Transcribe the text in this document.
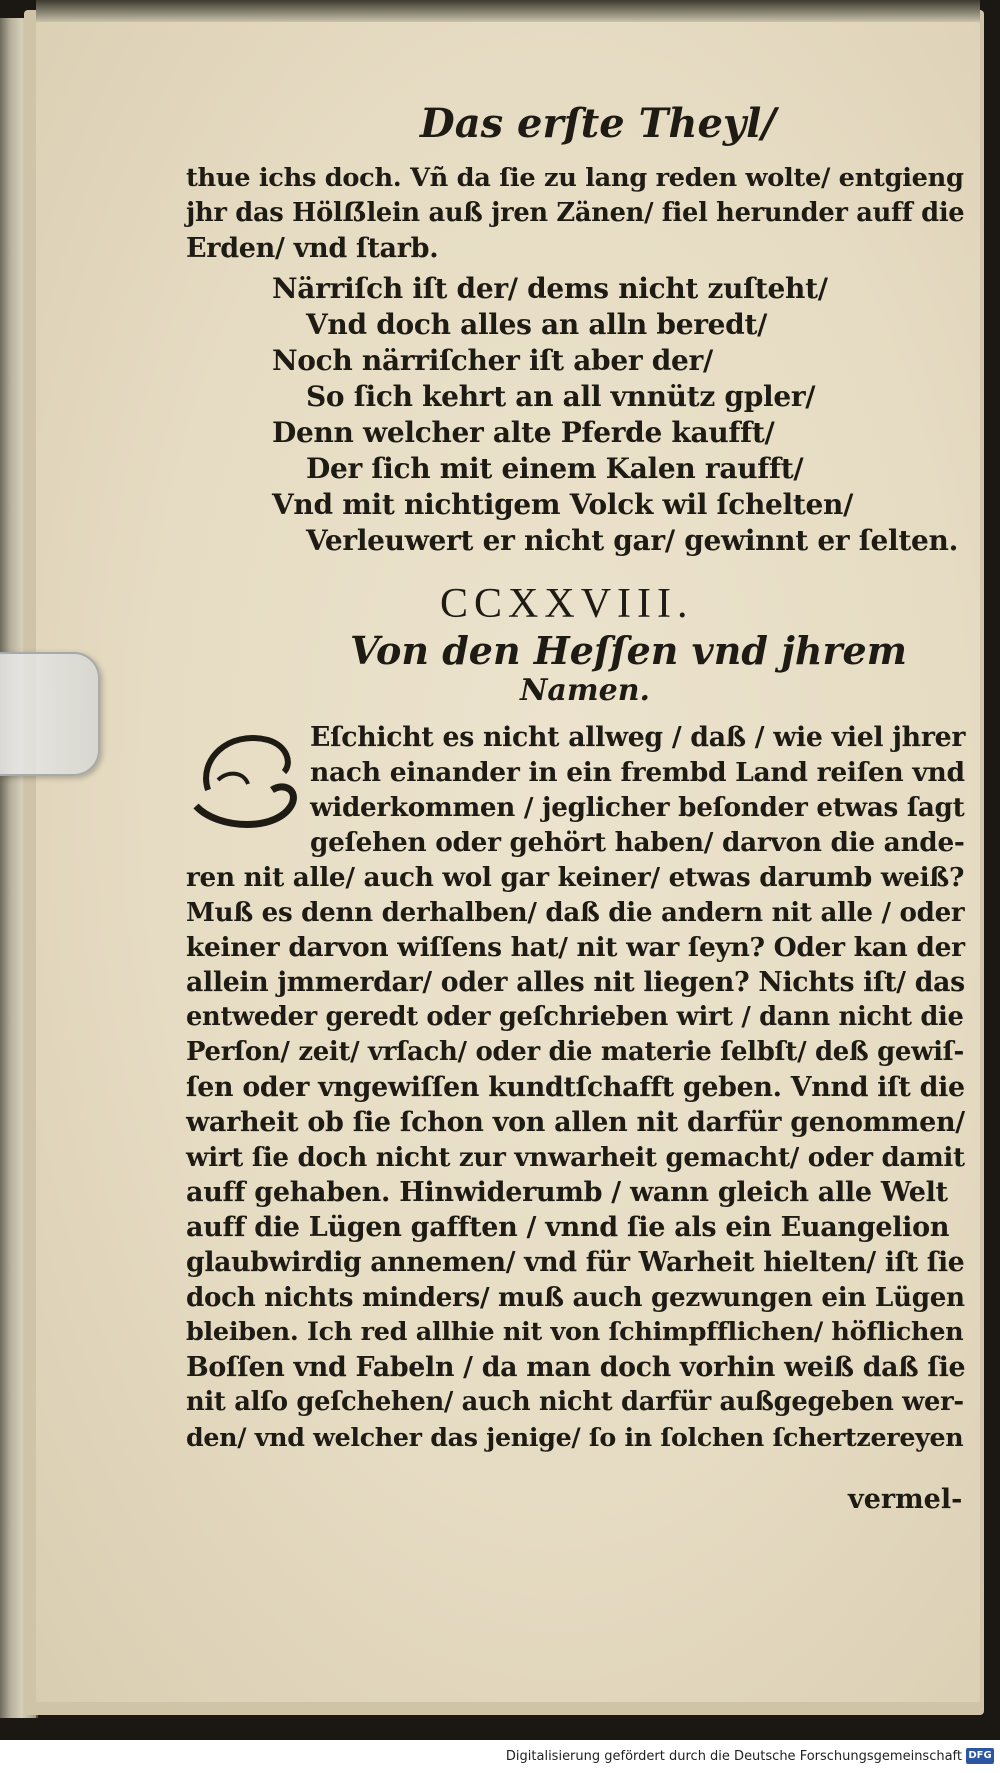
Das erſte Theyl/
thue ichs doch. Vñ da ſie zu lang reden wolte/ entgieng
jhr das Hölẞlein auß jren Zänen/ fiel herunder auff die
Erden/ vnd ſtarb.
Närriſch iſt der/ dems nicht zuſteht/
Vnd doch alles an alln beredt/
Noch närriſcher iſt aber der/
So ſich kehrt an all vnnütz gpler/
Denn welcher alte Pferde kaufft/
Der ſich mit einem Kalen raufft/
Vnd mit nichtigem Volck wil ſchelten/
Verleuwert er nicht gar/ gewinnt er ſelten.
CCXXVIII.
Von den Heſſen vnd jhrem
Namen.
Eſchicht es nicht allweg / daß / wie viel jhrer
nach einander in ein frembd Land reiſen vnd
widerkommen / jeglicher beſonder etwas ſagt
geſehen oder gehört haben/ darvon die ande-
ren nit alle/ auch wol gar keiner/ etwas darumb weiß?
Muß es denn derhalben/ daß die andern nit alle / oder
keiner darvon wiſſens hat/ nit war ſeyn? Oder kan der
allein jmmerdar/ oder alles nit liegen? Nichts iſt/ das
entweder geredt oder geſchrieben wirt / dann nicht die
Perſon/ zeit/ vrſach/ oder die materie ſelbſt/ deß gewiſ-
ſen oder vngewiſſen kundtſchafft geben. Vnnd iſt die
warheit ob ſie ſchon von allen nit darfür genommen/
wirt ſie doch nicht zur vnwarheit gemacht/ oder damit
auff gehaben. Hinwiderumb / wann gleich alle Welt
auff die Lügen gafften / vnnd ſie als ein Euangelion
glaubwirdig annemen/ vnd für Warheit hielten/ iſt ſie
doch nichts minders/ muß auch gezwungen ein Lügen
bleiben. Ich red allhie nit von ſchimpfflichen/ höflichen
Boſſen vnd Fabeln / da man doch vorhin weiß daß ſie
nit alſo geſchehen/ auch nicht darfür außgegeben wer-
den/ vnd welcher das jenige/ ſo in ſolchen ſchertzereyen
vermel-
Digitalisierung gefördert durch die Deutsche Forschungsgemeinschaft DFG
